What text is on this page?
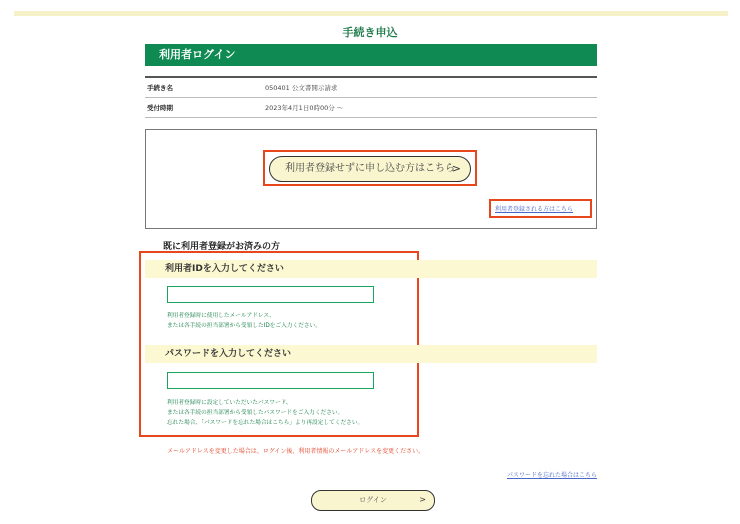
手続き申込
利用者ログイン
手続き名	050401 公文書開示請求
受付時期	2023年4月1日0時00分 ～
利用者登録せずに申し込む方はこちら
>
利用者登録される方はこちら
既に利用者登録がお済みの方
利用者IDを入力してください
利用者登録時に使用したメールアドレス、
または各手続の担当部署から受領したIDをご入力ください。
パスワードを入力してください
利用者登録時に設定していただいたパスワード、
または各手続の担当部署から受領したパスワードをご入力ください。
忘れた場合、「パスワードを忘れた場合はこちら」より再設定してください。
メールアドレスを変更した場合は、ログイン後、利用者情報のメールアドレスを変更ください。
パスワードを忘れた場合はこちら
ログイン	>
